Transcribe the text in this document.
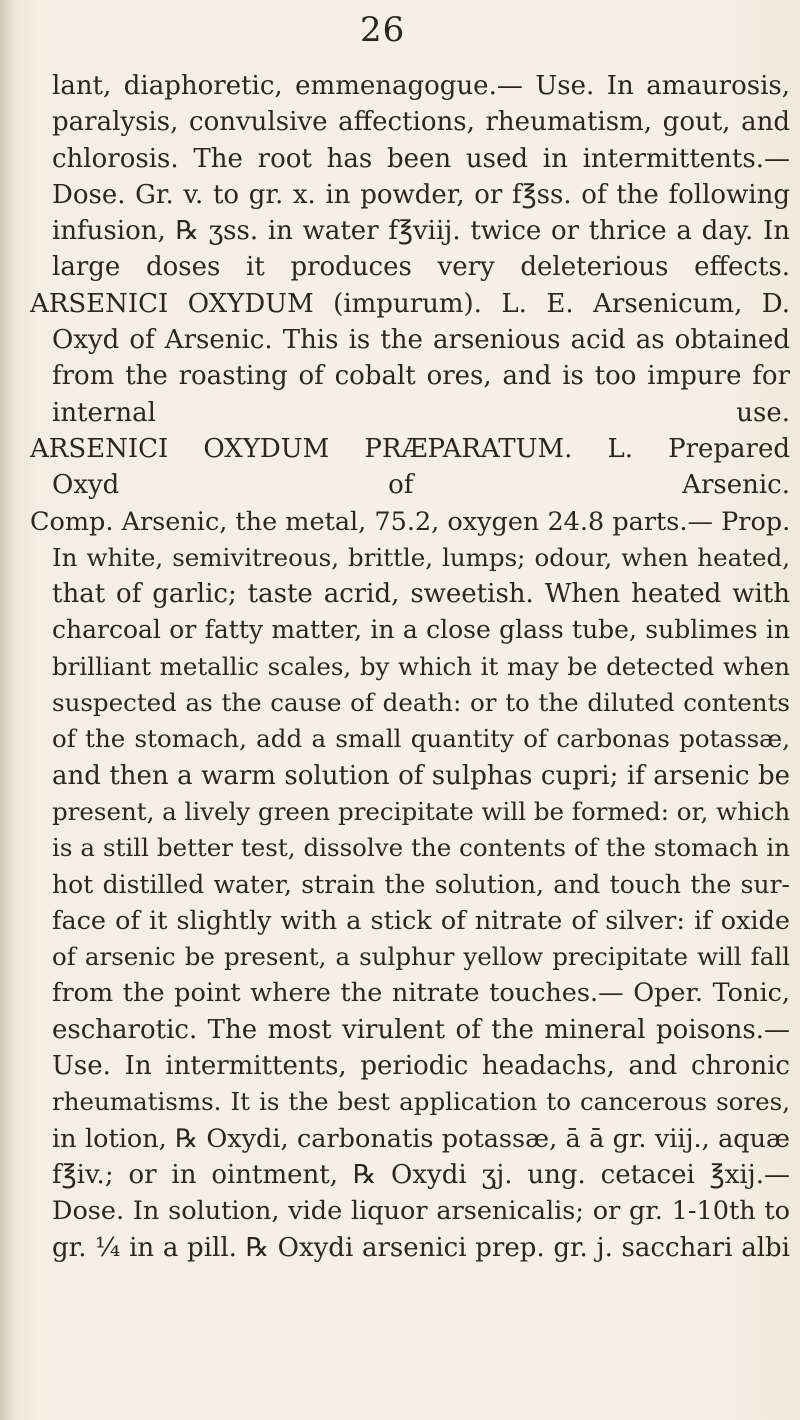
26
lant, diaphoretic, emmenagogue.— Use. In amaurosis,
paralysis, convulsive affections, rheumatism, gout, and
chlorosis. The root has been used in intermittents.—
Dose. Gr. v. to gr. x. in powder, or f℥ss. of the following
infusion, ℞ ʒss. in water f℥viij. twice or thrice a day. In
large doses it produces very deleterious effects.
ARSENICI OXYDUM (impurum). L. E. Arsenicum, D.
Oxyd of Arsenic. This is the arsenious acid as obtained
from the roasting of cobalt ores, and is too impure for
internal use.
ARSENICI OXYDUM PRÆPARATUM. L. Prepared
Oxyd of Arsenic.
Comp. Arsenic, the metal, 75.2, oxygen 24.8 parts.— Prop.
In white, semivitreous, brittle, lumps; odour, when heated,
that of garlic; taste acrid, sweetish. When heated with
charcoal or fatty matter, in a close glass tube, sublimes in
brilliant metallic scales, by which it may be detected when
suspected as the cause of death: or to the diluted contents
of the stomach, add a small quantity of carbonas potassæ,
and then a warm solution of sulphas cupri; if arsenic be
present, a lively green precipitate will be formed: or, which
is a still better test, dissolve the contents of the stomach in
hot distilled water, strain the solution, and touch the sur-
face of it slightly with a stick of nitrate of silver: if oxide
of arsenic be present, a sulphur yellow precipitate will fall
from the point where the nitrate touches.— Oper. Tonic,
escharotic. The most virulent of the mineral poisons.—
Use. In intermittents, periodic headachs, and chronic
rheumatisms. It is the best application to cancerous sores,
in lotion, ℞ Oxydi, carbonatis potassæ, ā ā gr. viij., aquæ
f℥iv.; or in ointment, ℞ Oxydi ʒj. ung. cetacei ℥xij.—
Dose. In solution, vide liquor arsenicalis; or gr. 1-10th to
gr. ¼ in a pill. ℞ Oxydi arsenici prep. gr. j. sacchari albi
